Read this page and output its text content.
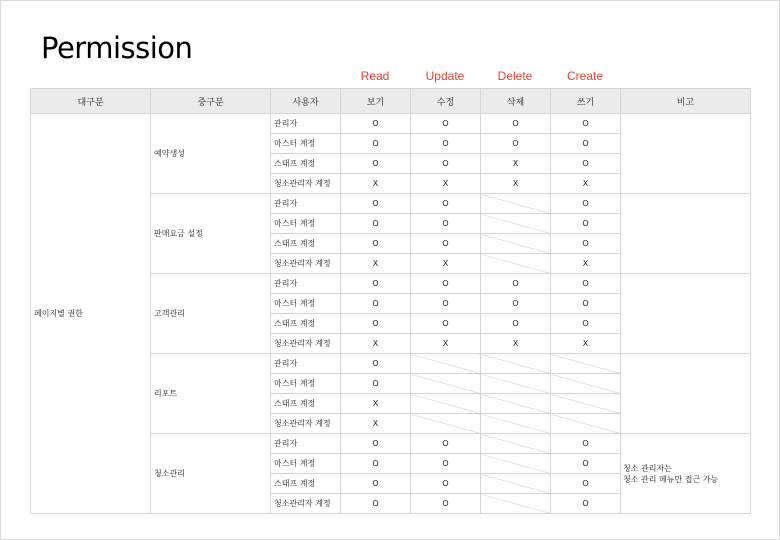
Permission
Read	Update	Delete	Create
대구분	중구분	사용자	보기	수정	삭제	쓰기	비고
페이지별 권한	예약생성	관리자	O	O	O	O	
		마스터 계정	O	O	O	O	
		스태프 계정	O	O	X	O	
		청소관리자 계정	X	X	X	X	
	판매요금 설정	관리자	O	O		O	
		마스터 계정	O	O		O	
		스태프 계정	O	O		O	
		청소관리자 계정	X	X		X	
	고객관리	관리자	O	O	O	O	
		마스터 계정	O	O	O	O	
		스태프 계정	O	O	O	O	
		청소관리자 계정	X	X	X	X	
	리포트	관리자	O				
		마스터 계정	O				
		스태프 계정	X				
		청소관리자 계정	X				
	청소관리	관리자	O	O		O	청소 관리자는
청소 관리 메뉴만 접근 가능
		마스터 계정	O	O		O	
		스태프 계정	O	O		O	
		청소관리자 계정	O	O		O	
